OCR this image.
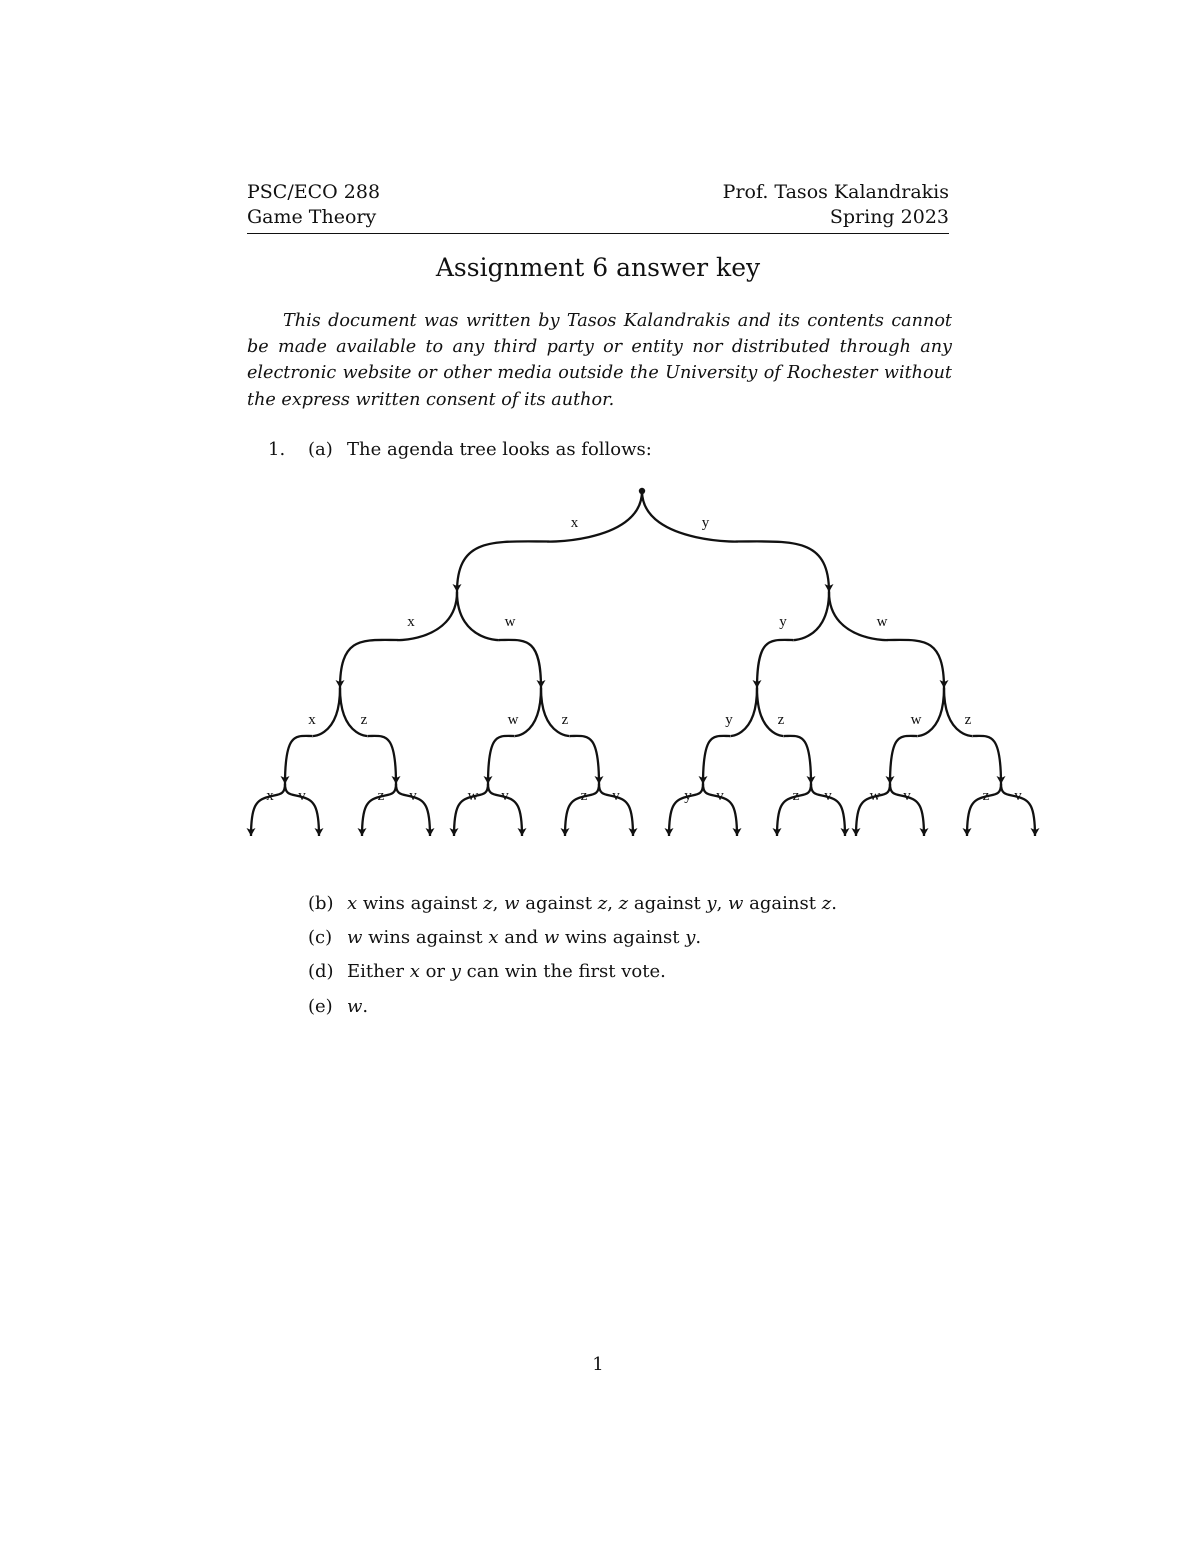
PSC/ECO 288
Game Theory
Prof. Tasos Kalandrakis
Spring 2023
Assignment 6 answer key
This document was written by Tasos Kalandrakis and its contents cannot be made available to any third party or entity nor distributed through any electronic website or other media outside the University of Rochester without the express written consent of its author.
1. (a) The agenda tree looks as follows:
x	y
x	w	y	w
x	z	w	z	y	z	w	z
x v	z v	w v	z v	y v	z v	w v	z v
(b) x wins against z, w against z, z against y, w against z.
(c) w wins against x and w wins against y.
(d) Either x or y can win the first vote.
(e) w.
1
